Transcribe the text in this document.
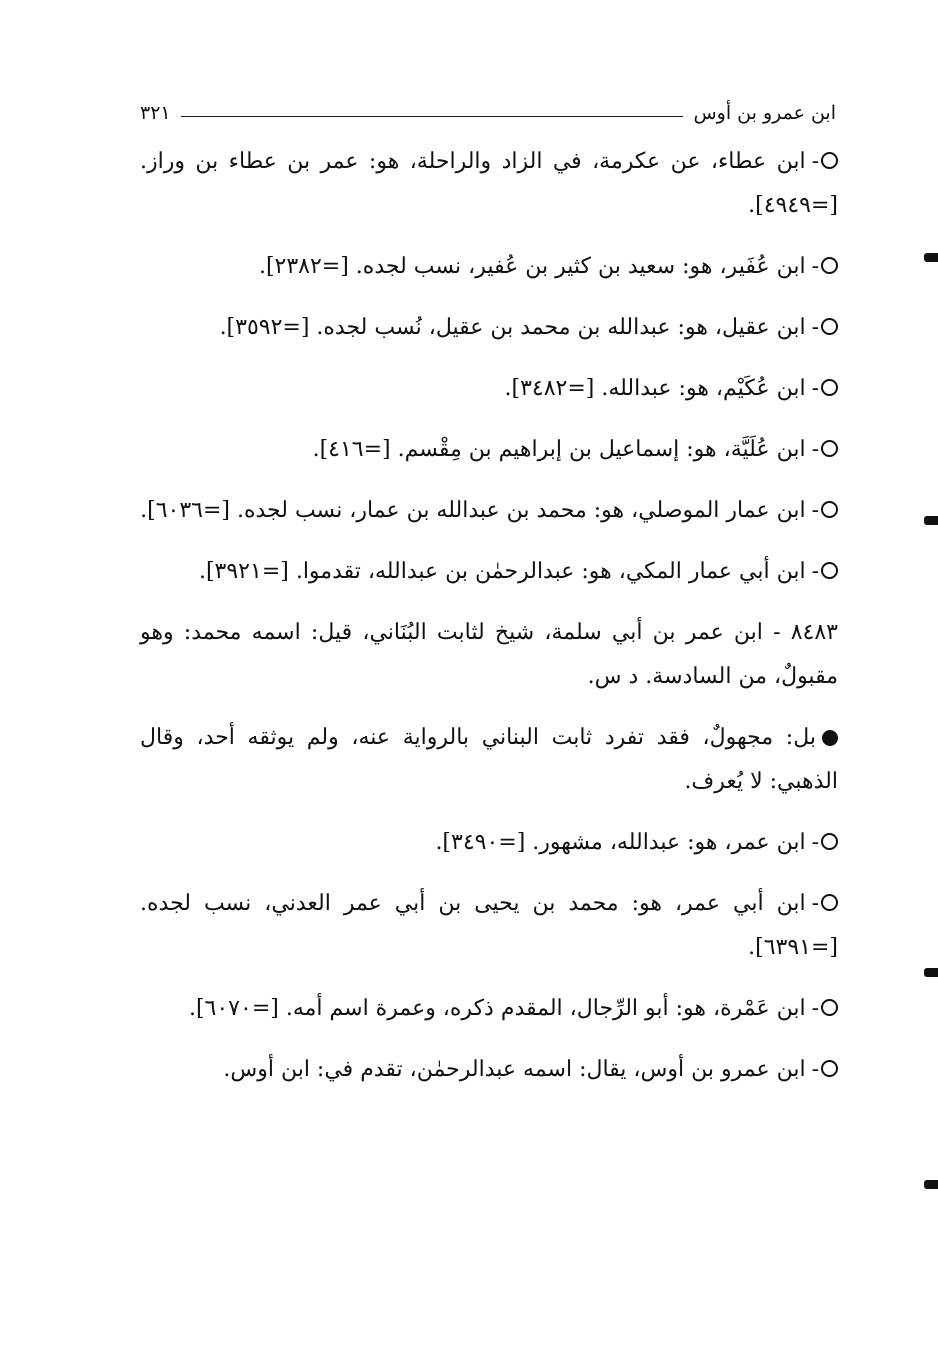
ابن عمرو بن أوس
٣٢١

-ابن عطاء، عن عكرمة، في الزاد والراحلة، هو: عمر بن عطاء بن وراز. [=٤٩٤٩].

-ابن عُفَير، هو: سعيد بن كثير بن عُفير، نسب لجده. [=٢٣٨٢].

-ابن عقيل، هو: عبدالله بن محمد بن عقيل، نُسب لجده. [=٣٥٩٢].

-ابن عُكَيْم، هو: عبدالله. [=٣٤٨٢].

-ابن عُلَيَّة، هو: إسماعيل بن إبراهيم بن مِقْسم. [=٤١٦].

-ابن عمار الموصلي، هو: محمد بن عبدالله بن عمار، نسب لجده. [=٦٠٣٦].

-ابن أبي عمار المكي، هو: عبدالرحمٰن بن عبدالله، تقدموا. [=٣٩٢١].

٨٤٨٣ - ابن عمر بن أبي سلمة، شيخ لثابت البُنَاني، قيل: اسمه محمد: وهو مقبولٌ، من السادسة. د س.

بل: مجهولٌ، فقد تفرد ثابت البناني بالرواية عنه، ولم يوثقه أحد، وقال الذهبي: لا يُعرف.

-ابن عمر، هو: عبدالله، مشهور. [=٣٤٩٠].

-ابن أبي عمر، هو: محمد بن يحيى بن أبي عمر العدني، نسب لجده. [=٦٣٩١].

-ابن عَمْرة، هو: أبو الرِّجال، المقدم ذكره، وعمرة اسم أمه. [=٦٠٧٠].

-ابن عمرو بن أوس، يقال: اسمه عبدالرحمٰن، تقدم في: ابن أوس.
